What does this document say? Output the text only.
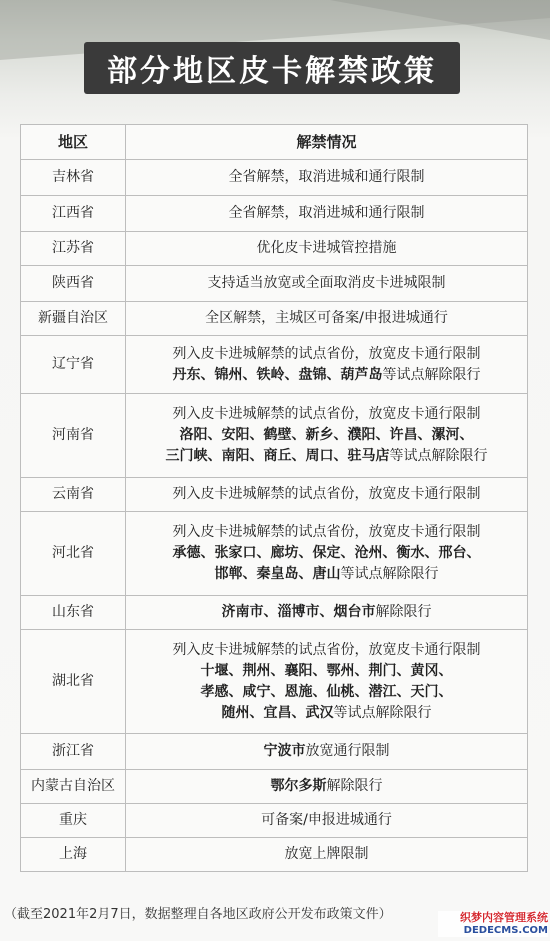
部分地区皮卡解禁政策
地区	解禁情况
吉林省	全省解禁，取消进城和通行限制

江西省	全省解禁，取消进城和通行限制

江苏省	优化皮卡进城管控措施

陕西省	支持适当放宽或全面取消皮卡进城限制

新疆自治区	全区解禁，主城区可备案/申报进城通行

辽宁省	列入皮卡进城解禁的试点省份，放宽皮卡通行限制
丹东、锦州、铁岭、盘锦、葫芦岛等试点解除限行

河南省	列入皮卡进城解禁的试点省份，放宽皮卡通行限制
洛阳、安阳、鹤壁、新乡、濮阳、许昌、漯河、
三门峡、南阳、商丘、周口、驻马店等试点解除限行

云南省	列入皮卡进城解禁的试点省份，放宽皮卡通行限制

河北省	列入皮卡进城解禁的试点省份，放宽皮卡通行限制
承德、张家口、廊坊、保定、沧州、衡水、邢台、
邯郸、秦皇岛、唐山等试点解除限行

山东省	济南市、淄博市、烟台市解除限行

湖北省	列入皮卡进城解禁的试点省份，放宽皮卡通行限制
十堰、荆州、襄阳、鄂州、荆门、黄冈、
孝感、咸宁、恩施、仙桃、潜江、天门、
随州、宜昌、武汉等试点解除限行

浙江省	宁波市放宽通行限制

内蒙古自治区	鄂尔多斯解除限行

重庆	可备案/申报进城通行

上海	放宽上牌限制
（截至2021年2月7日，数据整理自各地区政府公开发布政策文件）	织梦内容管理系统
DEDECMS.COM
